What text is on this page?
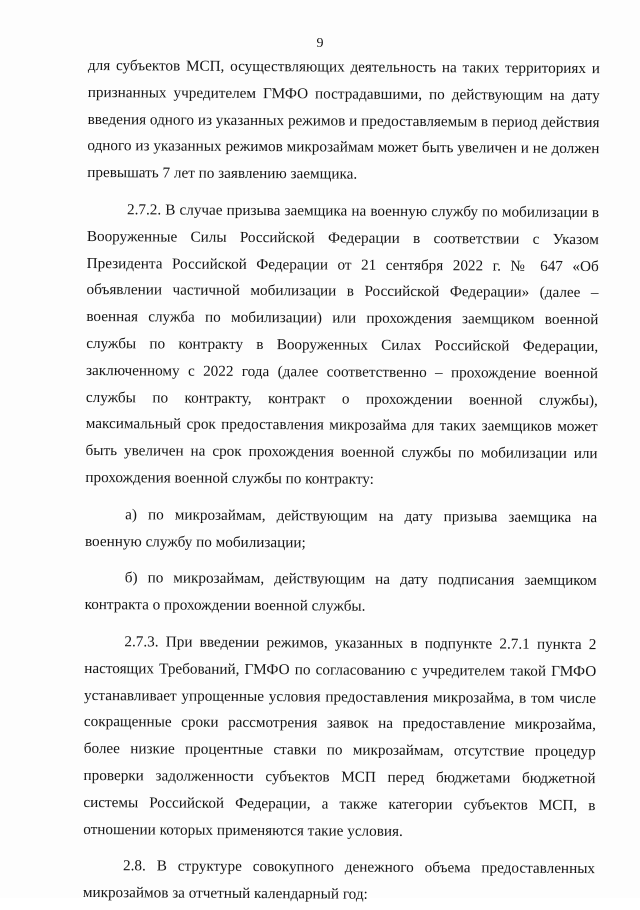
9

для субъектов МСП, осуществляющих деятельность на таких территориях и признанных учредителем ГМФО пострадавшими, по действующим на дату введения одного из указанных режимов и предоставляемым в период действия одного из указанных режимов микрозаймам может быть увеличен и не должен превышать 7 лет по заявлению заемщика.

2.7.2. В случае призыва заемщика на военную службу по мобилизации в Вооруженные Силы Российской Федерации в соответствии с Указом Президента Российской Федерации от 21 сентября 2022 г. № 647 «Об объявлении частичной мобилизации в Российской Федерации» (далее – военная служба по мобилизации) или прохождения заемщиком военной службы по контракту в Вооруженных Силах Российской Федерации, заключенному с 2022 года (далее соответственно – прохождение военной службы по контракту, контракт о прохождении военной службы), максимальный срок предоставления микрозайма для таких заемщиков может быть увеличен на срок прохождения военной службы по мобилизации или прохождения военной службы по контракту:

а) по микрозаймам, действующим на дату призыва заемщика на военную службу по мобилизации;

б) по микрозаймам, действующим на дату подписания заемщиком контракта о прохождении военной службы.

2.7.3. При введении режимов, указанных в подпункте 2.7.1 пункта 2 настоящих Требований, ГМФО по согласованию с учредителем такой ГМФО устанавливает упрощенные условия предоставления микрозайма, в том числе сокращенные сроки рассмотрения заявок на предоставление микрозайма, более низкие процентные ставки по микрозаймам, отсутствие процедур проверки задолженности субъектов МСП перед бюджетами бюджетной системы Российской Федерации, а также категории субъектов МСП, в отношении которых применяются такие условия.

2.8. В структуре совокупного денежного объема предоставленных микрозаймов за отчетный календарный год:
